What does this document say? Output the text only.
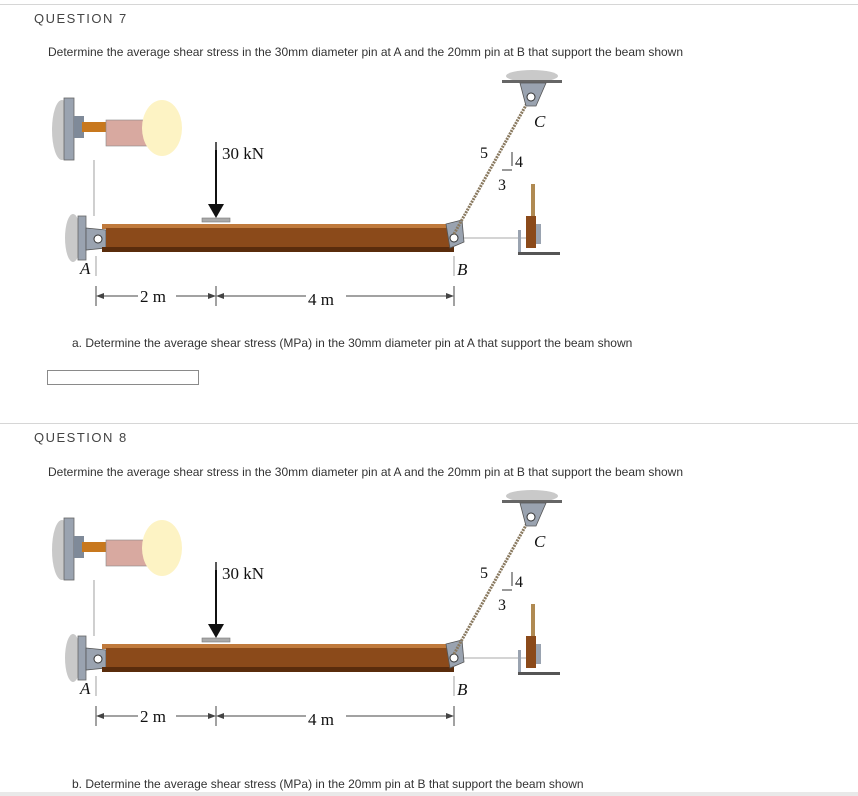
QUESTION 7
Determine the average shear stress in the 30mm diameter pin at A and the 20mm pin at B that support the beam shown
30 kN
C
5
4
3
A	B
2 m	4 m
a. Determine the average shear stress (MPa) in the 30mm diameter pin at A that support the beam shown
QUESTION 8
Determine the average shear stress in the 30mm diameter pin at A and the 20mm pin at B that support the beam shown
30 kN
C
5
4
3
A	B
2 m	4 m
b. Determine the average shear stress (MPa) in the 20mm pin at B that support the beam shown
